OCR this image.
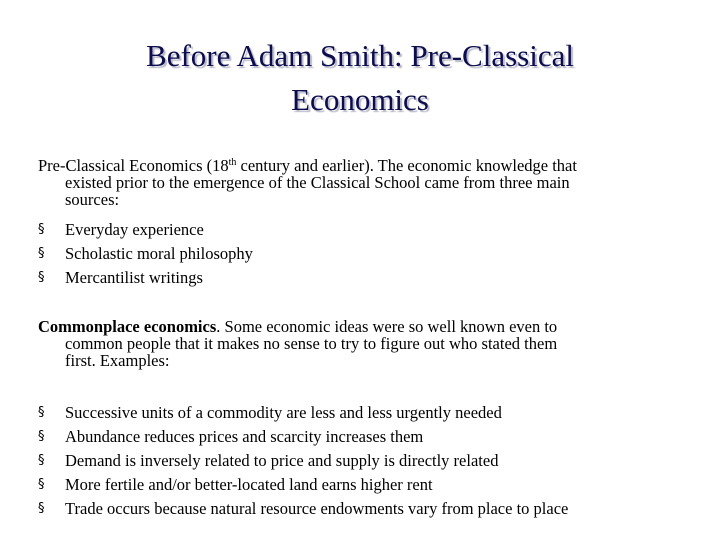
Before Adam Smith: Pre-Classical
Economics
Pre-Classical Economics (18th century and earlier). The economic knowledge that
existed prior to the emergence of the Classical School came from three main
sources:
§ Everyday experience
§ Scholastic moral philosophy
§ Mercantilist writings
Commonplace economics. Some economic ideas were so well known even to
common people that it makes no sense to try to figure out who stated them
first. Examples:
§ Successive units of a commodity are less and less urgently needed
§ Abundance reduces prices and scarcity increases them
§ Demand is inversely related to price and supply is directly related
§ More fertile and/or better-located land earns higher rent
§ Trade occurs because natural resource endowments vary from place to place
